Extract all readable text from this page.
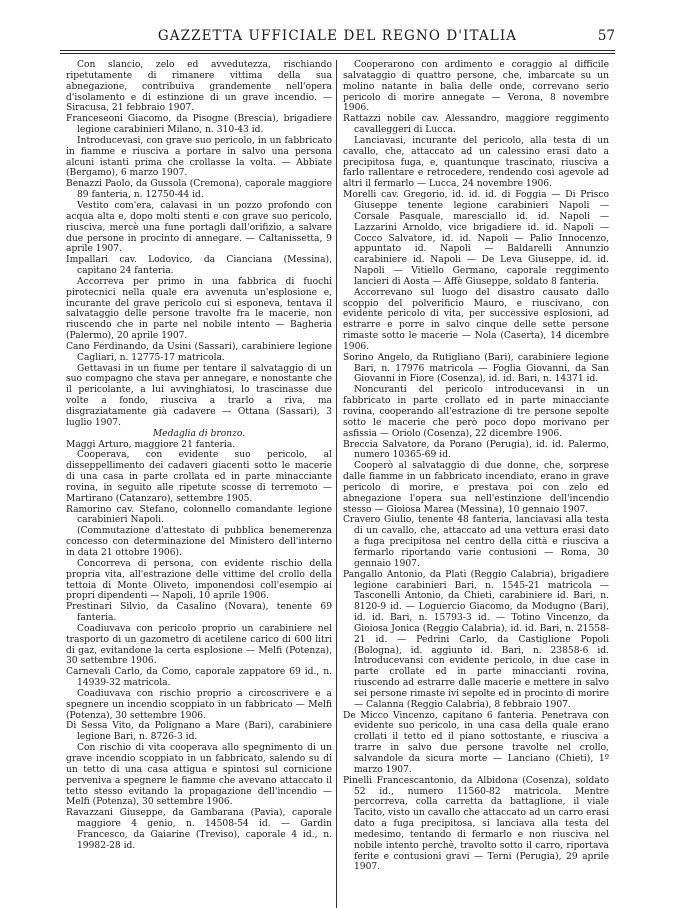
GAZZETTA UFFICIALE DEL REGNO D'ITALIA	57

Con slancio, zelo ed avvedutezza, rischiando ripetutamente di rimanere vittima della sua abnegazione, contribuiva grandemente nell'opera d'isolamento e di estinzione di un grave incendio. — Siracusa, 21 febbraio 1907.

Franceseoni Giacomo, da Pisogne (Brescia), brigadiere legione carabinieri Milano, n. 310-43 id.

Introducevasi, con grave suo pericolo, in un fabbricato in fiamme e riusciva a portare in salvo una persona alcuni istanti prima che crollasse la volta. — Abbiate (Bergamo), 6 marzo 1907.

Benazzi Paolo, da Gussola (Cremona), caporale maggiore 89 fanteria, n. 12750-44 id.

Vestito com'era, calavasi in un pozzo profondo con acqua alta e, dopo molti stenti e con grave suo pericolo, riusciva, mercè una fune portagli dall'orifizio, a salvare due persone in procinto di annegare. — Caltanissetta, 9 aprile 1907.

Impallari cav. Lodovico, da Cianciana (Messina), capitano 24 fanteria.

Accorreva per primo in una fabbrica di fuochi pirotecnici nella quale era avvenuta un'esplosione e, incurante del grave pericolo cui si esponeva, tentava il salvataggio delle persone travolte fra le macerie, non riuscendo che in parte nel nobile intento — Bagheria (Palermo), 20 aprile 1907.

Cano Ferdinando, da Usini (Sassari), carabiniere legione Cagliari, n. 12775-17 matricola.

Gettavasi in un fiume per tentare il salvataggio di un suo compagno che stava per annegare, e nonostante che il pericolante, a lui avvinghiatosi, lo trascinasse due volte a fondo, riusciva a trarlo a riva, ma disgraziatamente già cadavere — Ottana (Sassari), 3 luglio 1907.

Medaglia di bronzo.

Maggi Arturo, maggiore 21 fanteria.

Cooperava, con evidente suo pericolo, al disseppellimento dei cadaveri giacenti sotto le macerie di una casa in parte crollata ed in parte minacciante rovina, in seguito alle ripetute scosse di terremoto — Martirano (Catanzaro), settembre 1905.

Ramorino cav. Stefano, colonnello comandante legione carabinieri Napoli.

(Commutazione d'attestato di pubblica benemerenza concesso con determinazione del Ministero dell'interno in data 21 ottobre 1906).

Concorreva di persona, con evidente rischio della propria vita, all'estrazione delle vittime del crollo della tettoia di Monte Oliveto, imponendosi coll'esempio ai propri dipendenti — Napoli, 10 aprile 1906.

Prestinari Silvio, da Casalino (Novara), tenente 69 fanteria.

Coadiuvava con pericolo proprio un carabiniere nel trasporto di un gazometro di acetilene carico di 600 litri di gaz, evitandone la certa esplosione — Melfi (Potenza), 30 settembre 1906.

Carnevali Carlo, da Como, caporale zappatore 69 id., n. 14939-32 matricola.

Coadiuvava con rischio proprio a circoscrivere e a spegnere un incendio scoppiato in un fabbricato — Melfi (Potenza), 30 settembre 1906.

Di Sessa Vito, da Polignano a Mare (Bari), carabiniere legione Bari, n. 8726-3 id.

Con rischio di vita cooperava allo spegnimento di un grave incendio scoppiato in un fabbricato, salendo su di un tetto di una casa attigua e spintosi sul cornicione perveniva a spegnere le fiamme che avevano attaccato il tetto stesso evitando la propagazione dell'incendio — Melfi (Potenza), 30 settembre 1906.

Ravazzani Giuseppe, da Gambarana (Pavia), caporale maggiore 4 genio, n. 14508-54 id. — Gardin Francesco, da Gaiarine (Treviso), caporale 4 id., n. 19982-28 id.

Cooperarono con ardimento e coraggio al difficile salvataggio di quattro persone, che, imbarcate su un molino natante in balìa delle onde, correvano serio pericolo di morire annegate — Verona, 8 novembre 1906.

Rattazzi nobile cav. Alessandro, maggiore reggimento cavalleggeri di Lucca.

Lanciavasi, incurante del pericolo, alla testa di un cavallo, che, attaccato ad un calessino erasi dato a precipitosa fuga, e, quantunque trascinato, riusciva a farlo rallentare e retrocedere, rendendo così agevole ad altri il fermarlo — Lucca, 24 novembre 1906.

Morelli cav. Gregorio, id. id. id. di Foggia — Di Prisco Giuseppe tenente legione carabinieri Napoli — Corsale Pasquale, maresciallo id. id. Napoli — Lazzarini Arnoldo, vice brigadiere id. id. Napoli — Cocco Salvatore, id. id. Napoli — Palio Innocenzo, appuntato id. Napoli — Baldarelli Annunzio carabiniere id. Napoli — De Leva Giuseppe, id. id. Napoli — Vitiello Germano, caporale reggimento lancieri di Aosta — Affè Giuseppe, soldato 8 fanteria.

Accorrevano sul luogo del disastro causato dallo scoppio del polverificio Mauro, e riuscivano, con evidente pericolo di vita, per successive esplosioni, ad estrarre e porre in salvo cinque delle sette persone rimaste sotto le macerie — Nola (Caserta), 14 dicembre 1906.

Sorino Angelo, da Rutigliano (Bari), carabiniere legione Bari, n. 17976 matricola — Foglia Giovanni, da San Giovanni in Fiore (Cosenza), id. id. Bari, n. 14371 id.

Noncuranti del pericolo introducevansi in un fabbricato in parte crollato ed in parte minacciante rovina, cooperando all'estrazione di tre persone sepolte sotto le macerie che però poco dopo morivano per asfissia — Oriolo (Cosenza), 22 dicembre 1906.

Breccia Salvatore, da Porano (Perugia), id. id. Palermo, numero 10365-69 id.

Cooperò al salvataggio di due donne, che, sorprese dalle fiamme in un fabbricato incendiato, erano in grave pericolo di morire, e prestava poi con zelo ed abnegazione l'opera sua nell'estinzione dell'incendio stesso — Gioiosa Marea (Messina), 10 gennaio 1907.

Cravero Giulio, tenente 48 fanteria, lanciavasi alla testa di un cavallo, che, attaccato ad una vettura erasi dato a fuga precipitosa nel centro della città e riusciva a fermarlo riportando varie contusioni — Roma, 30 gennaio 1907.

Pangallo Antonio, da Platì (Reggio Calabria), brigadiere legione carabinieri Bari, n. 1545-21 matricola — Tasconelli Antonio, da Chieti, carabiniere id. Bari, n. 8120-9 id. — Loguercio Giacomo, da Modugno (Bari), id. id. Bari, n. 15793-3 id. — Totino Vincenzo, da Gioiosa Jonica (Reggio Calabria), id. id. Bari, n. 21558-21 id. — Pedrini Carlo, da Castiglione Popoli (Bologna), id. aggiunto id. Bari, n. 23858-6 id. Introducevansi con evidente pericolo, in due case in parte crollate ed in parte minaccianti rovina, riuscendo ad estrarre dalle macerie e mettere in salvo sei persone rimaste ivi sepolte ed in procinto di morire — Calanna (Reggio Calabria), 8 febbraio 1907.

De Micco Vincenzo, capitano 6 fanteria. Penetrava con evidente suo pericolo, in una casa della quale erano crollati il tetto ed il piano sottostante, e riusciva a trarre in salvo due persone travolte nel crollo, salvandole da sicura morte — Lanciano (Chieti), 1º marzo 1907.

Pinelli Francescantonio, da Albidona (Cosenza), soldato 52 id., numero 11560-82 matricola. Mentre percorreva, colla carretta da battaglione, il viale Tacito, visto un cavallo che attaccato ad un carro erasi dato a fuga precipitosa, si lanciava alla testa del medesimo, tentando di fermarlo e non riusciva nel nobile intento perchè, travolto sotto il carro, riportava ferite e contusioni gravi — Terni (Perugia), 29 aprile 1907.
